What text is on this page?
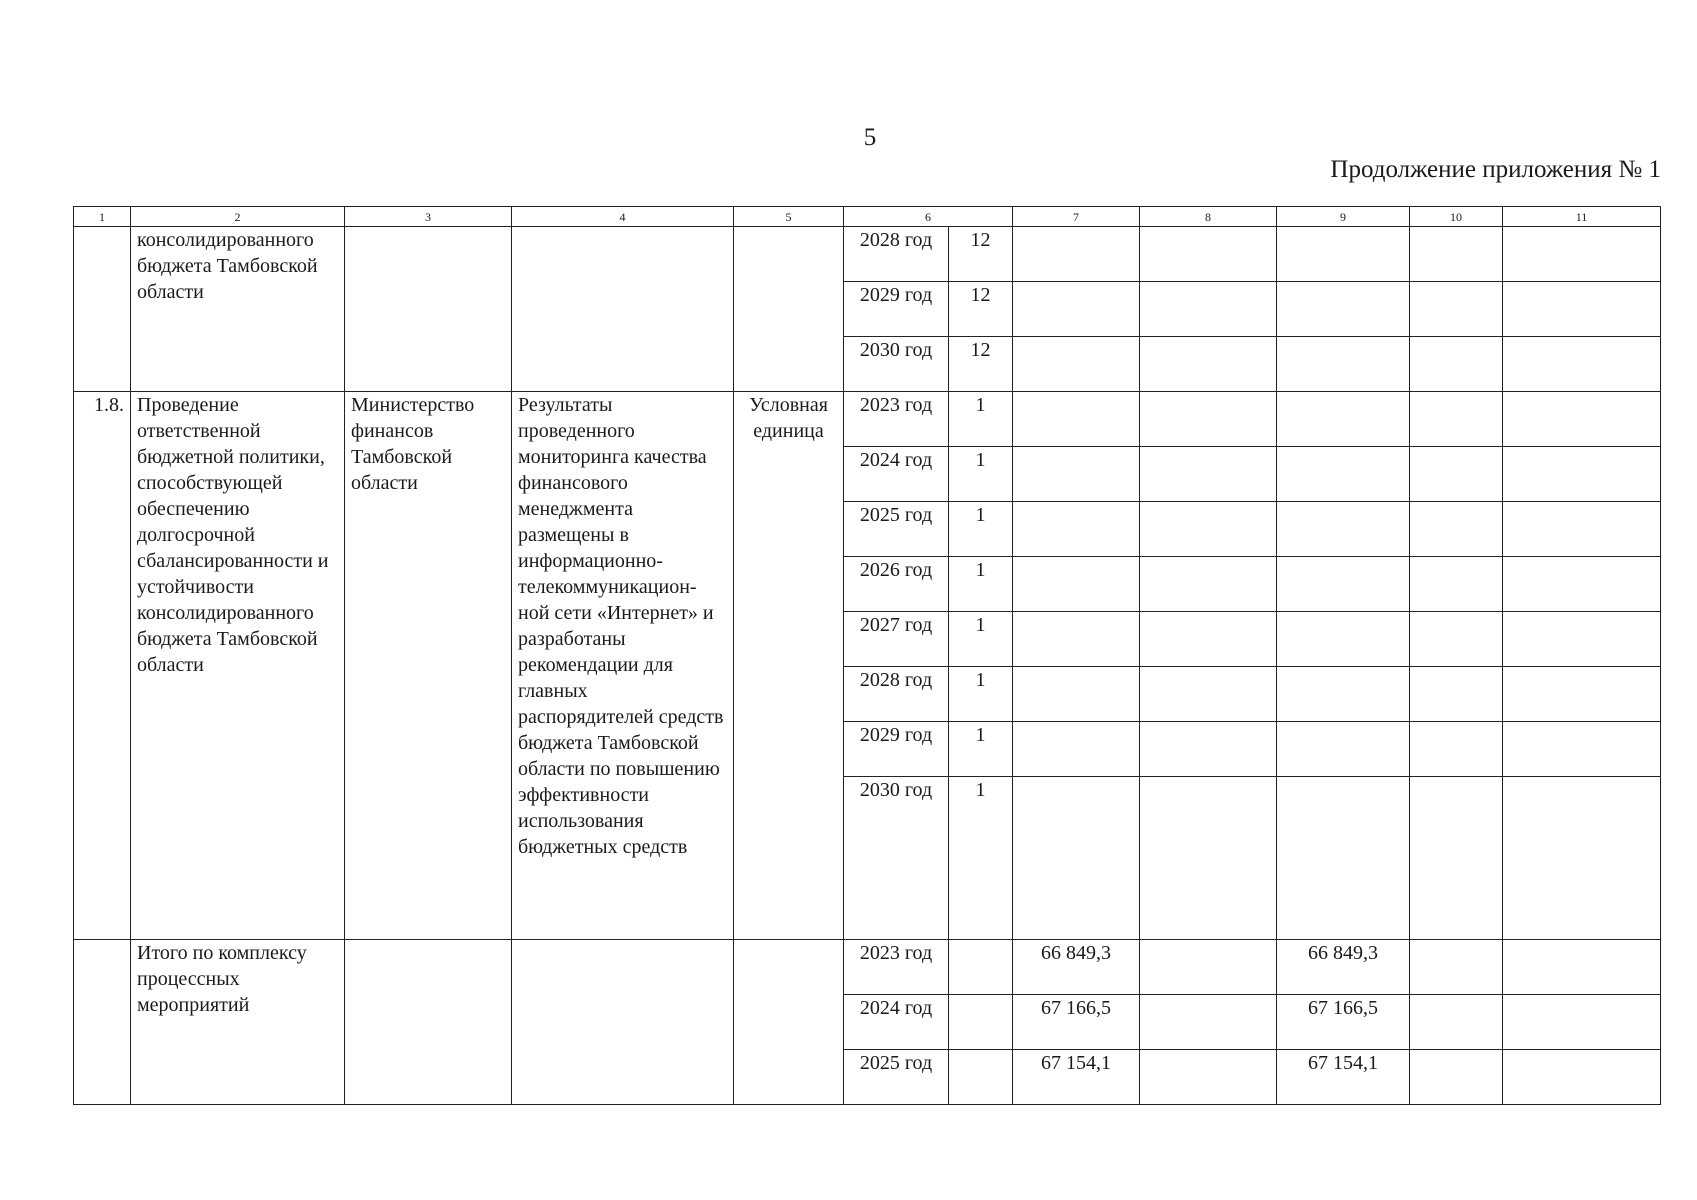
5
Продолжение приложения № 1
1	2	3	4	5	6		7	8	9	10	11
	консолидированного бюджета Тамбовской области				2028 год	12					
					2029 год	12					
					2030 год	12					
1.8.	Проведение ответственной бюджетной политики, способствующей обеспечению долгосрочной сбалансированности и устойчивости консолидированного бюджета Тамбовской области	Министерство финансов Тамбовской области	Результаты проведенного мониторинга качества финансового менеджмента размещены в информационно-телекоммуникацион-ной сети «Интернет» и разработаны рекомендации для главных распорядителей средств бюджета Тамбовской области по повышению эффективности использования бюджетных средств	Условная единица	2023 год	1					
					2024 год	1					
					2025 год	1					
					2026 год	1					
					2027 год	1					
					2028 год	1					
					2029 год	1					
					2030 год	1					
	Итого по комплексу процессных мероприятий				2023 год		66 849,3		66 849,3		
					2024 год		67 166,5		67 166,5		
					2025 год		67 154,1		67 154,1		
